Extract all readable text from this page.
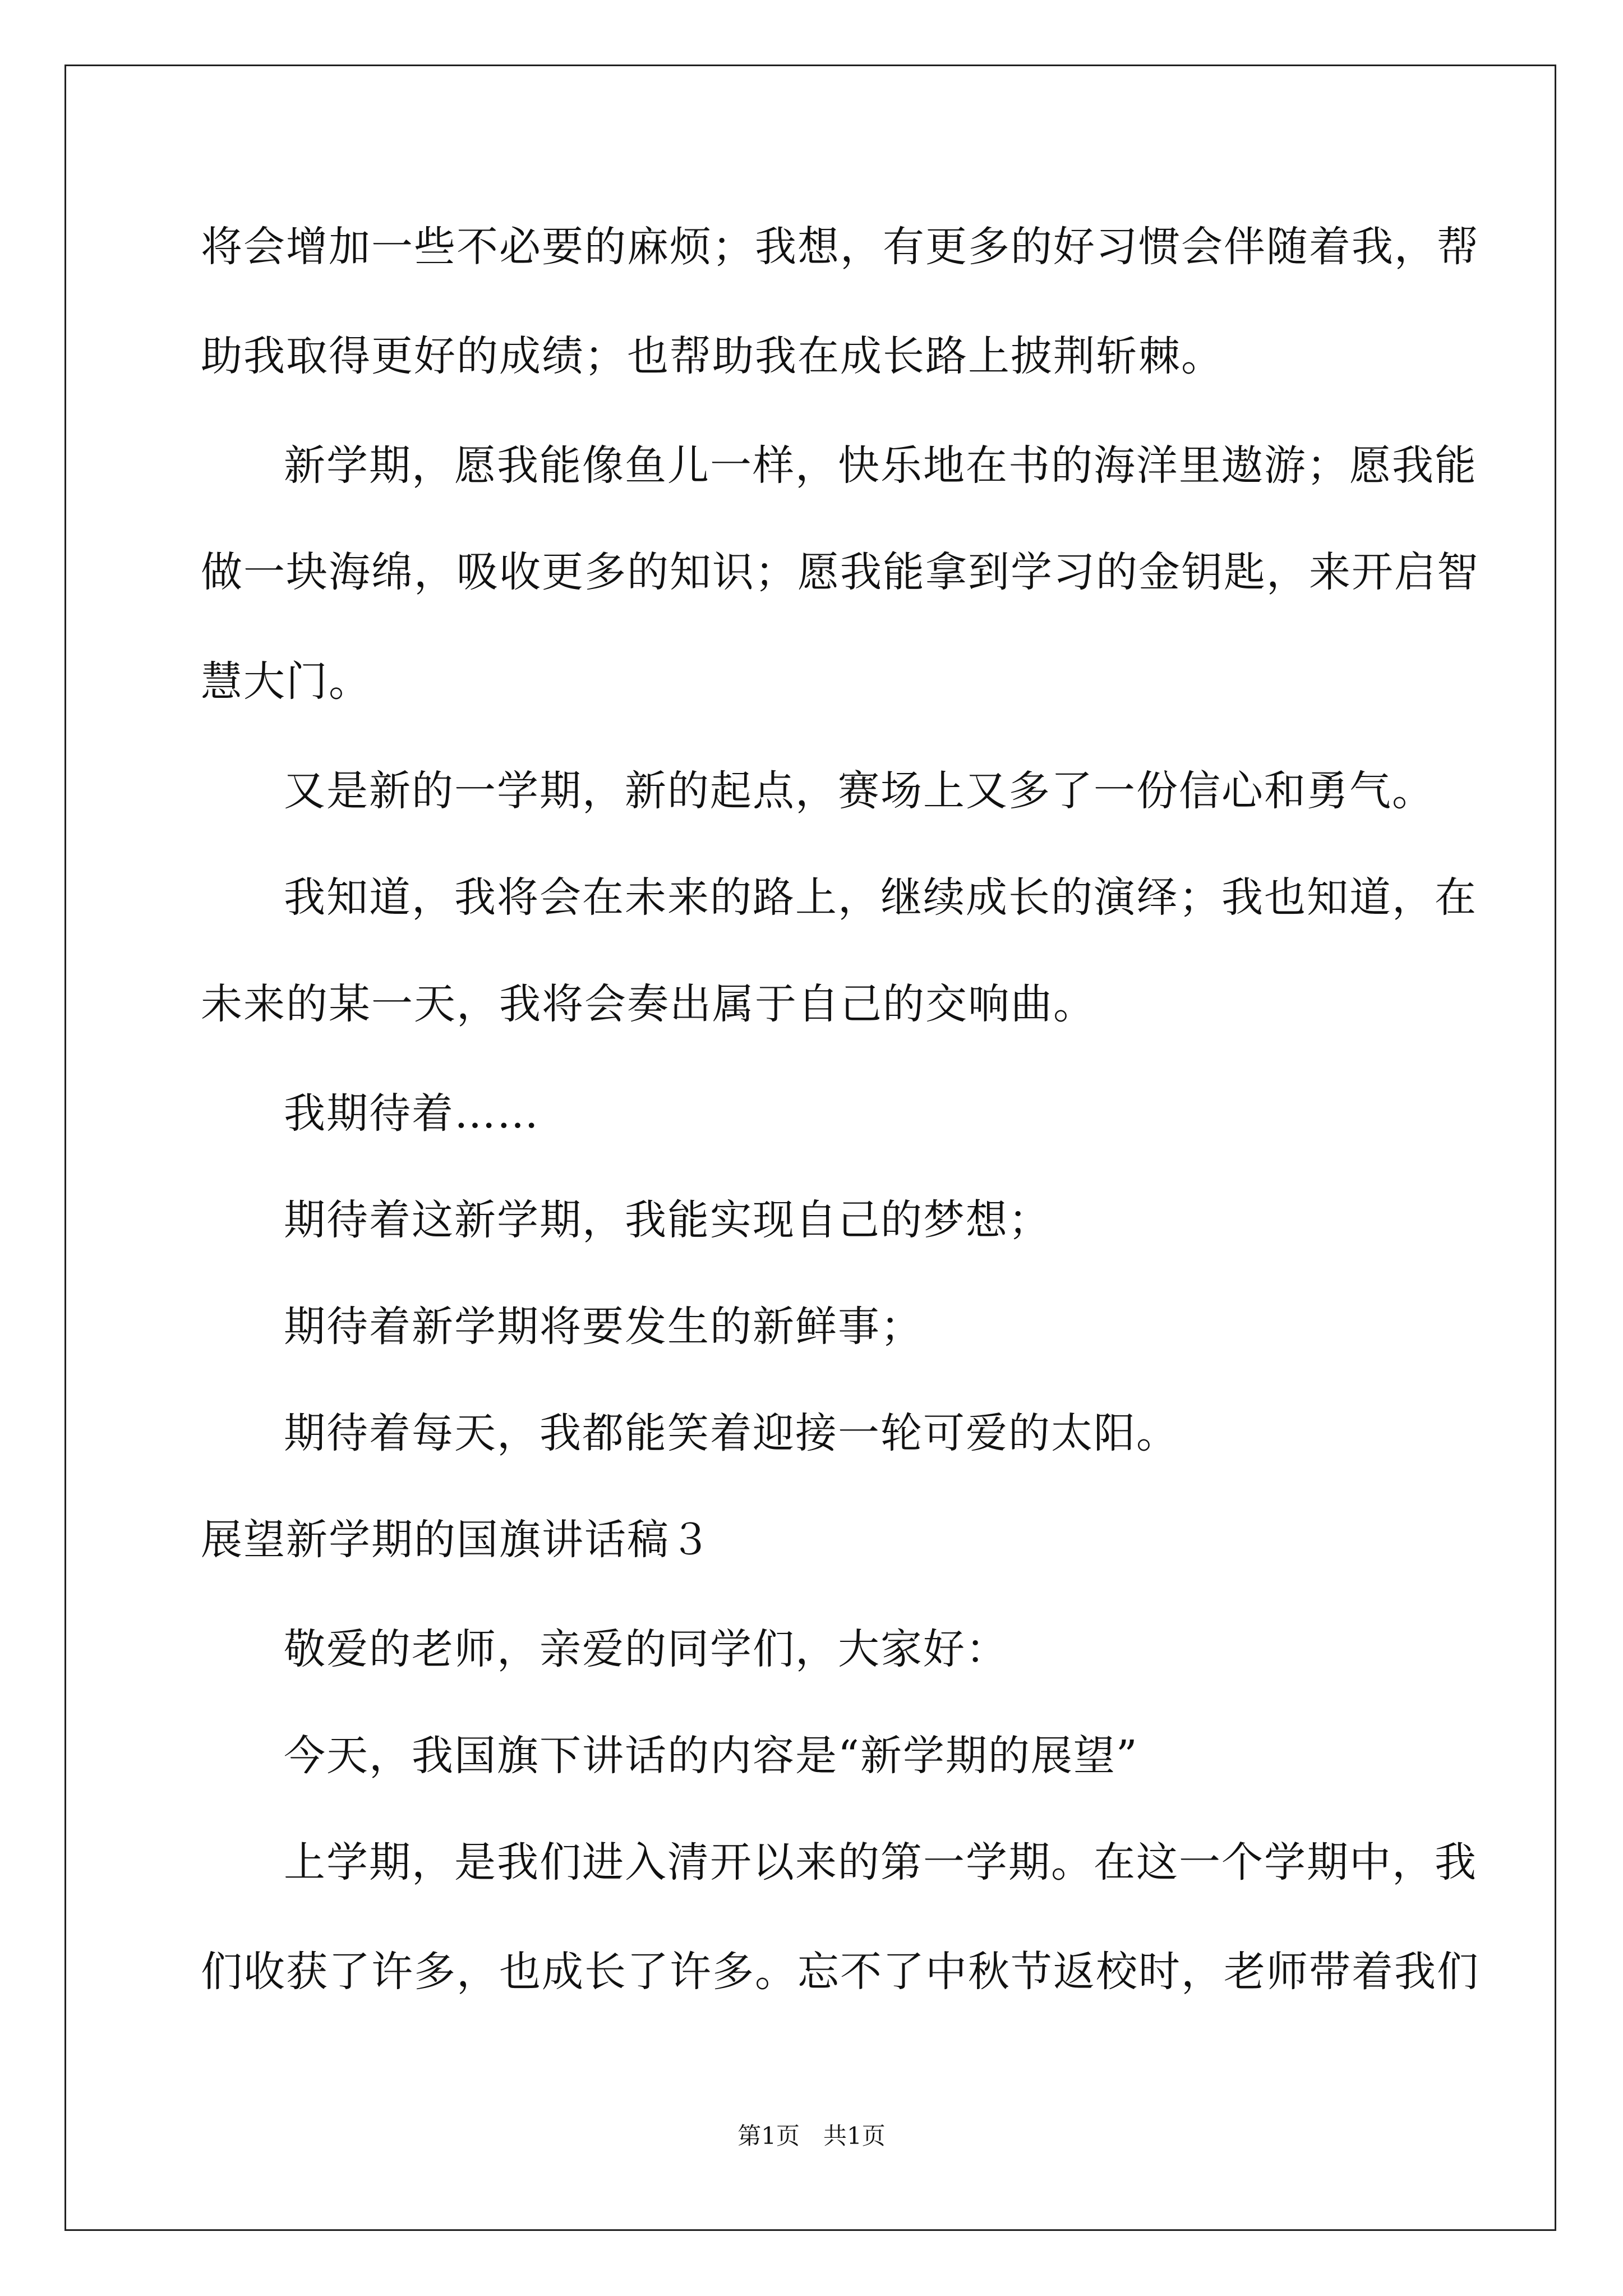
将会增加一些不必要的麻烦；我想，有更多的好习惯会伴随着我，帮
助我取得更好的成绩；也帮助我在成长路上披荆斩棘。
新学期，愿我能像鱼儿一样，快乐地在书的海洋里遨游；愿我能
做一块海绵，吸收更多的知识；愿我能拿到学习的金钥匙，来开启智
慧大门。
又是新的一学期，新的起点，赛场上又多了一份信心和勇气。
我知道，我将会在未来的路上，继续成长的演绎；我也知道，在
未来的某一天，我将会奏出属于自己的交响曲。
我期待着……
期待着这新学期，我能实现自己的梦想；
期待着新学期将要发生的新鲜事；
期待着每天，我都能笑着迎接一轮可爱的太阳。
展望新学期的国旗讲话稿３
敬爱的老师，亲爱的同学们，大家好：
今天，我国旗下讲话的内容是“新学期的展望”
上学期，是我们进入清开以来的第一学期。在这一个学期中，我
们收获了许多，也成长了许多。忘不了中秋节返校时，老师带着我们
第1页　共1页
